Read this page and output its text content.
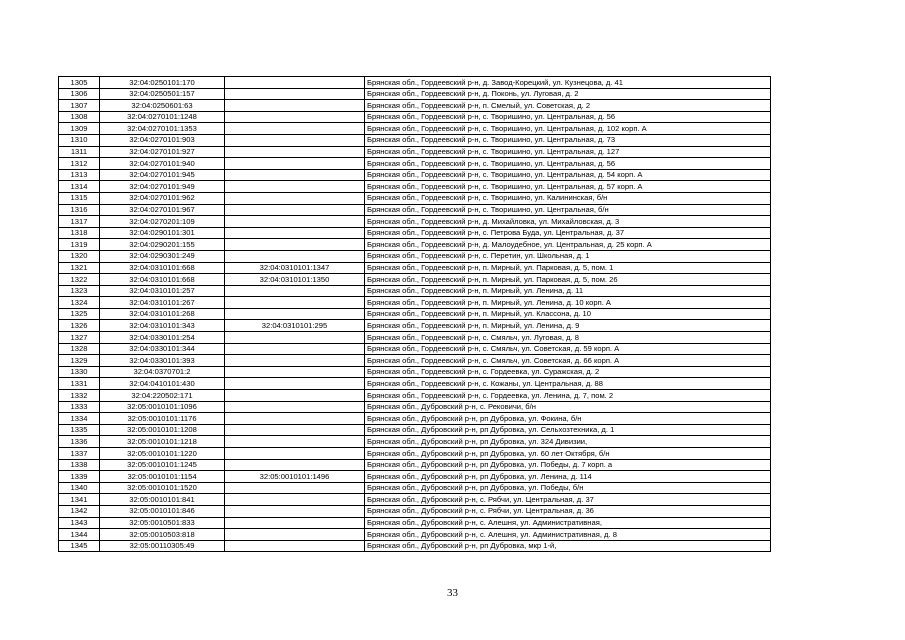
1305	32:04:0250101:170		Брянская обл., Гордеевский р-н, д. Завод-Корецкий, ул. Кузнецова, д. 41
1306	32:04:0250501:157		Брянская обл., Гордеевский р-н, д. Поконь, ул. Луговая, д. 2
1307	32:04:0250601:63		Брянская обл., Гордеевский р-н, п. Смелый, ул. Советская, д. 2
1308	32:04:0270101:1248		Брянская обл., Гордеевский р-н, с. Творишино, ул. Центральная, д. 56
1309	32:04:0270101:1353		Брянская обл., Гордеевский р-н, с. Творишино, ул. Центральная, д. 102 корп. А
1310	32:04:0270101:903		Брянская обл., Гордеевский р-н, с. Творишино, ул. Центральная, д. 73
1311	32:04:0270101:927		Брянская обл., Гордеевский р-н, с. Творишино, ул. Центральная, д. 127
1312	32:04:0270101:940		Брянская обл., Гордеевский р-н, с. Творишино, ул. Центральная, д. 56
1313	32:04:0270101:945		Брянская обл., Гордеевский р-н, с. Творишино, ул. Центральная, д. 54 корп. А
1314	32:04:0270101:949		Брянская обл., Гордеевский р-н, с. Творишино, ул. Центральная, д. 57 корп. А
1315	32:04:0270101:962		Брянская обл., Гордеевский р-н, с. Творишино, ул. Калининская, б/н
1316	32:04:0270101:967		Брянская обл., Гордеевский р-н, с. Творишино, ул. Центральная, б/н
1317	32:04:0270201:109		Брянская обл., Гордеевский р-н, д. Михайловка, ул. Михайловская, д. 3
1318	32:04:0290101:301		Брянская обл., Гордеевский р-н, с. Петрова Буда, ул. Центральная, д. 37
1319	32:04:0290201:155		Брянская обл., Гордеевский р-н, д. Малоудебное, ул. Центральная, д. 25 корп. А
1320	32:04:0290301:249		Брянская обл., Гордеевский р-н, с. Перетин, ул. Школьная, д. 1
1321	32:04:0310101:668	32:04:0310101:1347	Брянская обл., Гордеевский р-н, п. Мирный, ул. Парковая, д. 5, пом. 1
1322	32:04:0310101:668	32:04:0310101:1350	Брянская обл., Гордеевский р-н, п. Мирный, ул. Парковая, д. 5, пом. 26
1323	32:04:0310101:257		Брянская обл., Гордеевский р-н, п. Мирный, ул. Ленина, д. 11
1324	32:04:0310101:267		Брянская обл., Гордеевский р-н, п. Мирный, ул. Ленина, д. 10 корп. А
1325	32:04:0310101:268		Брянская обл., Гордеевский р-н, п. Мирный, ул. Классона, д. 10
1326	32:04:0310101:343	32:04:0310101:295	Брянская обл., Гордеевский р-н, п. Мирный, ул. Ленина, д. 9
1327	32:04:0330101:254		Брянская обл., Гордеевский р-н, с. Смяльч, ул. Луговая, д. 8
1328	32:04:0330101:344		Брянская обл., Гордеевский р-н, с. Смяльч, ул. Советская, д. 59 корп. А
1329	32:04:0330101:393		Брянская обл., Гордеевский р-н, с. Смяльч, ул. Советская, д. 66 корп. А
1330	32:04:0370701:2		Брянская обл., Гордеевский р-н, с. Гордеевка, ул. Суражская, д. 2
1331	32:04:0410101:430		Брянская обл., Гордеевский р-н, с. Кожаны, ул. Центральная, д. 88
1332	32:04:220502:171		Брянская обл., Гордеевский р-н, с. Гордеевка, ул. Ленина, д. 7, пом. 2
1333	32:05:0010101:1096		Брянская обл., Дубровский р-н, с. Рековичи, б/н
1334	32:05:0010101:1176		Брянская обл., Дубровский р-н, рп Дубровка, ул. Фокина, б/н
1335	32:05:0010101:1208		Брянская обл., Дубровский р-н, рп Дубровка, ул. Сельхозтехника, д. 1
1336	32:05:0010101:1218		Брянская обл., Дубровский р-н, рп Дубровка, ул. 324 Дивизии,
1337	32:05:0010101:1220		Брянская обл., Дубровский р-н, рп Дубровка, ул. 60 лет Октября, б/н
1338	32:05:0010101:1245		Брянская обл., Дубровский р-н, рп Дубровка, ул. Победы, д. 7 корп. а
1339	32:05:0010101:1154	32:05:0010101:1496	Брянская обл., Дубровский р-н, рп Дубровка, ул. Ленина, д. 114
1340	32:05:0010101:1520		Брянская обл., Дубровский р-н, рп Дубровка, ул. Победы, б/н
1341	32:05:0010101:841		Брянская обл., Дубровский р-н, с. Рябчи, ул. Центральная, д. 37
1342	32:05:0010101:846		Брянская обл., Дубровский р-н, с. Рябчи, ул. Центральная, д. 36
1343	32:05:0010501:833		Брянская обл., Дубровский р-н, с. Алешня, ул. Административная,
1344	32:05:0010503:818		Брянская обл., Дубровский р-н, с. Алешня, ул. Административная, д. 8
1345	32:05:00110305:49		Брянская обл., Дубровский р-н, рп Дубровка, мкр 1-й,
33
